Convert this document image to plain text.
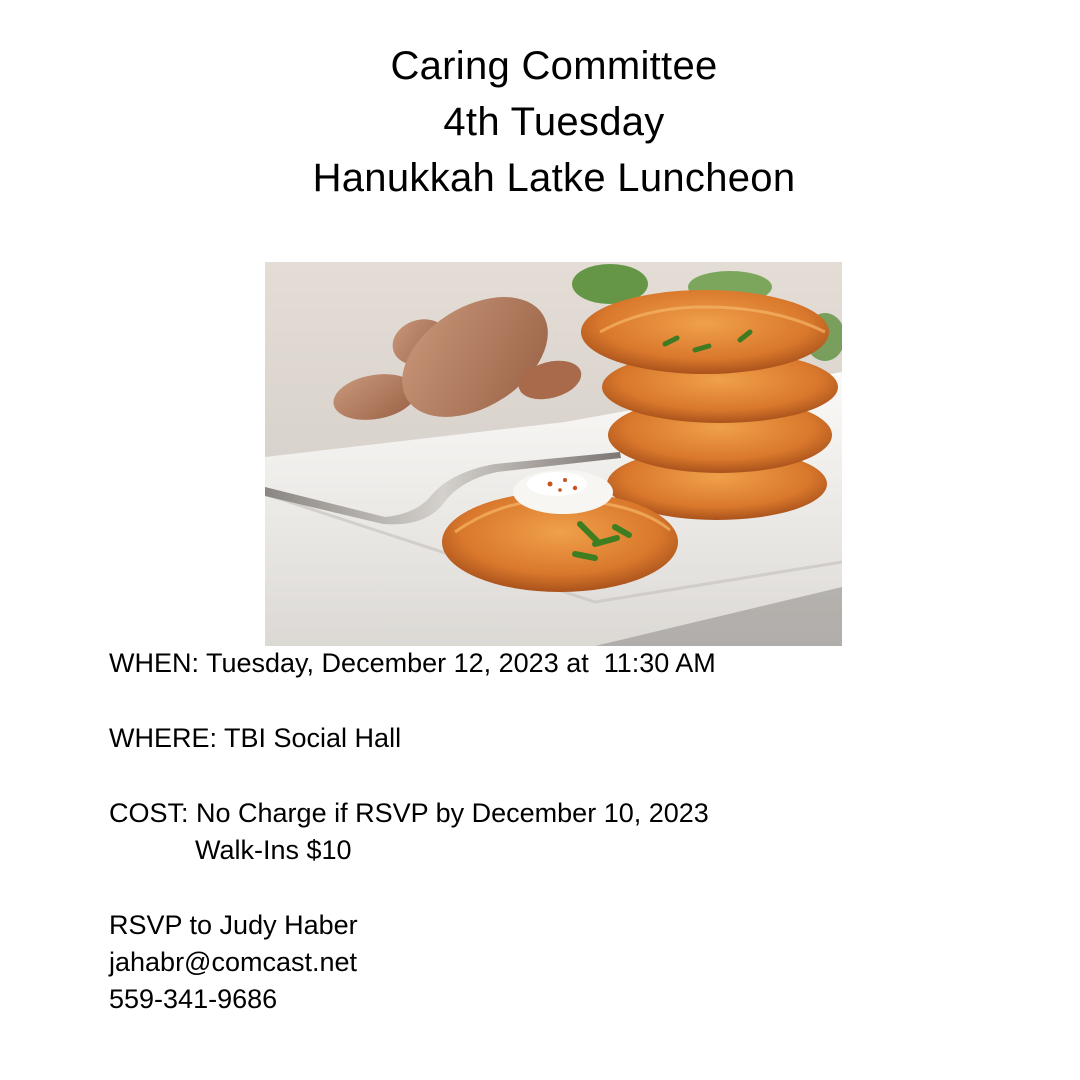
Caring Committee
4th Tuesday
Hanukkah Latke Luncheon
WHEN: Tuesday, December 12, 2023 at  11:30 AM
WHERE: TBI Social Hall
COST: No Charge if RSVP by December 10, 2023
Walk-Ins $10
RSVP to Judy Haber
jahabr@comcast.net
559-341-9686
